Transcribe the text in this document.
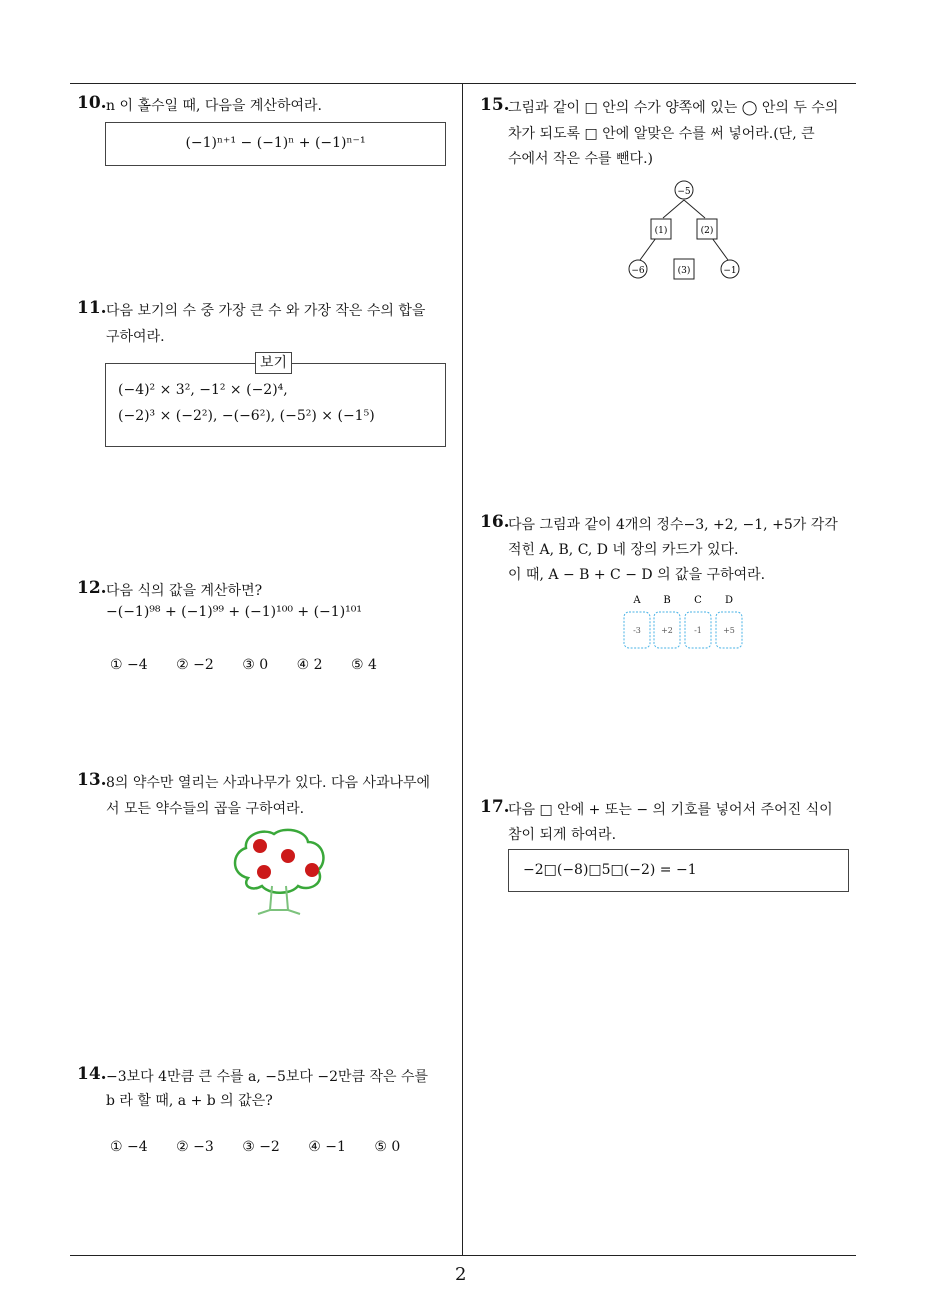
10. n 이 홀수일 때, 다음을 계산하여라.
(−1)ⁿ⁺¹ − (−1)ⁿ + (−1)ⁿ⁻¹
11. 다음 보기의 수 중 가장 큰 수 와 가장 작은 수의 합을
구하여라.
(−4)² × 3², −1² × (−2)⁴,
(−2)³ × (−2²), −(−6²), (−5²) × (−1⁵)
보기
12. 다음 식의 값을 계산하면?
−(−1)⁹⁸ + (−1)⁹⁹ + (−1)¹⁰⁰ + (−1)¹⁰¹
① −4 ② −2 ③ 0 ④ 2 ⑤ 4
13. 8의 약수만 열리는 사과나무가 있다. 다음 사과나무에
서 모든 약수들의 곱을 구하여라.
14. −3보다 4만큼 큰 수를 a, −5보다 −2만큼 작은 수를
b 라 할 때, a + b 의 값은?
① −4 ② −3 ③ −2 ④ −1 ⑤ 0
15.
그림과 같이 □ 안의 수가 양쪽에 있는 ◯ 안의 두 수의
차가 되도록 □ 안에 알맞은 수를 써 넣어라.(단, 큰
수에서 작은 수를 뺀다.)
−5
(1)	(2)
−6	(3)	−1
16.
다음 그림과 같이 4개의 정수−3, +2, −1, +5가 각각
적힌 A, B, C, D 네 장의 카드가 있다.
이 때, A − B + C − D 의 값을 구하여라.
A B C D
-3	+2	-1	+5
17.
다음 □ 안에 + 또는 − 의 기호를 넣어서 주어진 식이
참이 되게 하여라.
−2□(−8)□5□(−2) = −1
2
